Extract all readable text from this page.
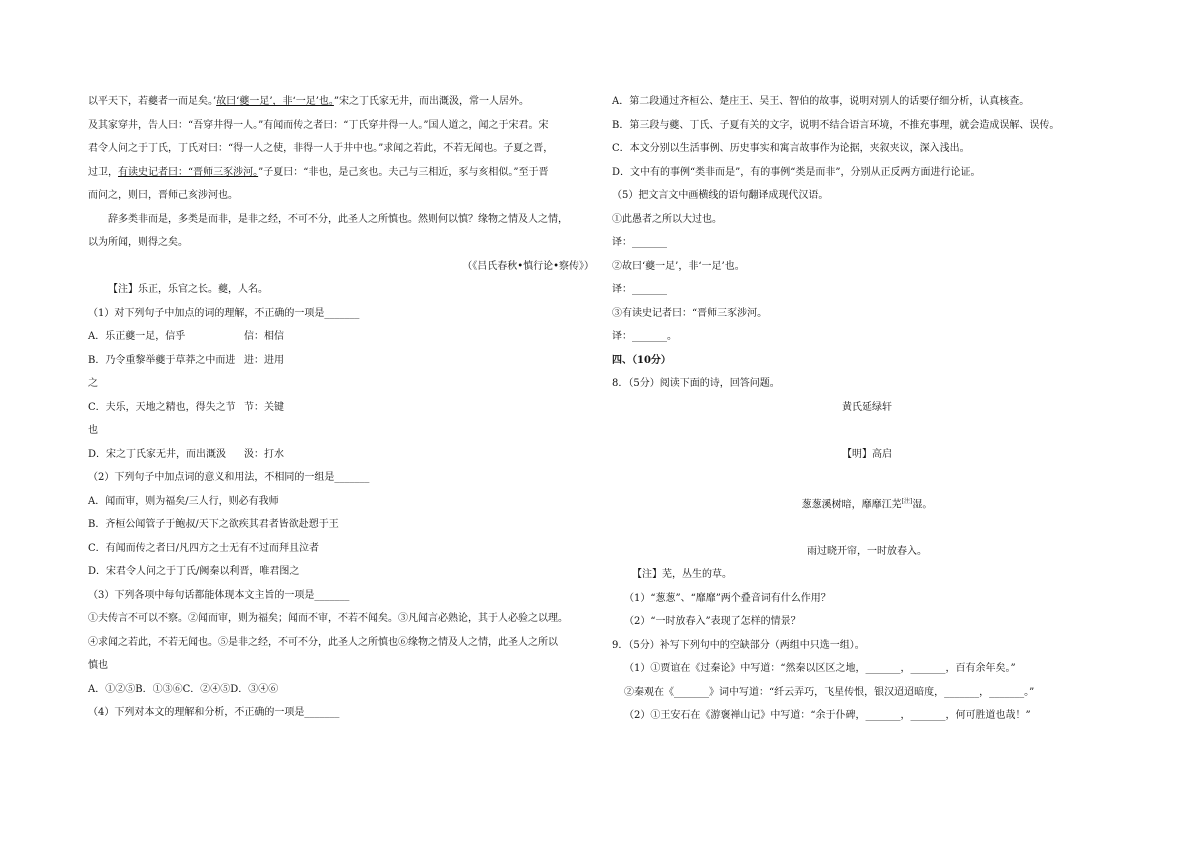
以平天下，若夔者一而足矣。’故曰‘夔一足’，非‘一足’也。”宋之丁氏家无井，而出溉汲，常一人居外。
及其家穿井，告人曰：“吾穿井得一人。”有闻而传之者曰：“丁氏穿井得一人。”国人道之，闻之于宋君。宋
君令人问之于丁氏，丁氏对曰：“得一人之使，非得一人于井中也。”求闻之若此，不若无闻也。子夏之晋，
过卫，有读史记者曰：“晋师三豕涉河。”子夏曰：“非也，是己亥也。夫己与三相近，豕与亥相似。”至于晋
而问之，则曰，晋师己亥涉河也。
辞多类非而是，多类是而非，是非之经，不可不分，此圣人之所慎也。然则何以慎？缘物之情及人之情，
以为所闻，则得之矣。
（《吕氏春秋•慎行论•察传》）
【注】乐正，乐官之长。夔，人名。
（1）对下列句子中加点的词的理解，不正确的一项是_______
A．乐正夔一足，信乎	信：相信
B．乃令重黎举夔于草莽之中而进 进：进用
之
C．夫乐，天地之精也，得失之节 节：关键
也
D．宋之丁氏家无井，而出溉汲	汲：打水
（2）下列句子中加点词的意义和用法，不相同的一组是_______
A．闻而审，则为福矣/三人行，则必有我师
B．齐桓公闻管子于鲍叔/天下之欲疾其君者皆欲赴愬于王
C．有闻而传之者曰/凡四方之士无有不过而拜且泣者
D．宋君令人问之于丁氏/阙秦以利晋，唯君图之
（3）下列各项中每句话都能体现本文主旨的一项是_______
①夫传言不可以不察。②闻而审，则为福矣；闻而不审，不若不闻矣。③凡闻言必熟论，其于人必验之以理。
④求闻之若此，不若无闻也。⑤是非之经，不可不分，此圣人之所慎也⑥缘物之情及人之情，此圣人之所以
慎也
A．①②⑤B．①③⑥C．②④⑤D．③④⑥
（4）下列对本文的理解和分析，不正确的一项是_______
A．第二段通过齐桓公、楚庄王、吴王、智伯的故事，说明对别人的话要仔细分析，认真核查。
B．第三段与夔、丁氏、子夏有关的文字，说明不结合语言环境，不推充事理，就会造成误解、误传。
C．本文分别以生活事例、历史事实和寓言故事作为论据，夹叙夹议，深入浅出。
D．文中有的事例“类非而是”，有的事例“类是而非”，分别从正反两方面进行论证。
（5）把文言文中画横线的语句翻译成现代汉语。
①此愚者之所以大过也。
译：_______
②故曰‘夔一足’，非‘一足’也。
译：_______
③有读史记者曰：“晋师三豕涉河。
译：_______。
四、（10分）
8．（5分）阅读下面的诗，回答问题。
黄氏延绿轩
【明】高启
葱葱溪树暗，靡靡江芜[注]湿。
雨过晓开帘，一时放春入。
【注】芜，丛生的草。
（1）“葱葱”、“靡靡”两个叠音词有什么作用？
（2）“一时放春入”表现了怎样的情景？
9．（5分）补写下列句中的空缺部分（两组中只选一组）。
（1）①贾谊在《过秦论》中写道：“然秦以区区之地，_______，_______，百有余年矣。”
②秦观在《_______》词中写道：“纤云弄巧，飞星传恨，银汉迢迢暗度，_______，_______。”
（2）①王安石在《游褒禅山记》中写道：“余于仆碑，_______，_______，何可胜道也哉！”
